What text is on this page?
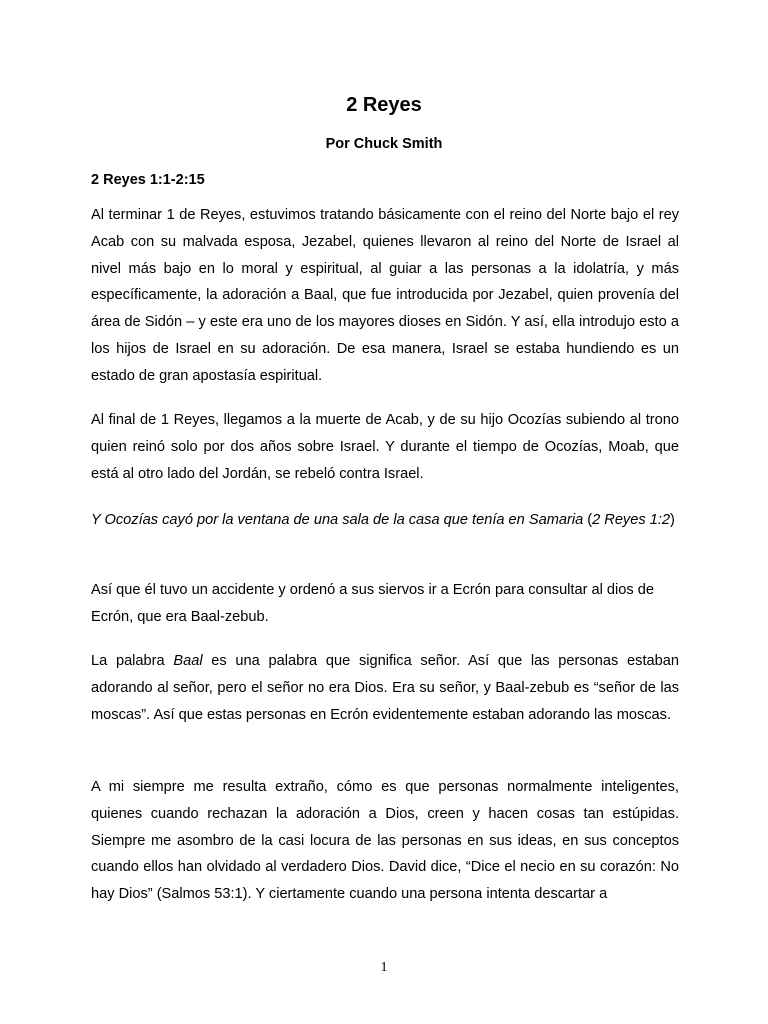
2 Reyes

Por Chuck Smith

2 Reyes 1:1-2:15

Al terminar 1 de Reyes, estuvimos tratando básicamente con el reino del Norte bajo el rey Acab con su malvada esposa, Jezabel, quienes llevaron al reino del Norte de Israel al nivel más bajo en lo moral y espiritual, al guiar a las personas a la idolatría, y más específicamente, la adoración a Baal, que fue introducida por Jezabel, quien provenía del área de Sidón – y este era uno de los mayores dioses en Sidón. Y así, ella introdujo esto a los hijos de Israel en su adoración. De esa manera, Israel se estaba hundiendo es un estado de gran apostasía espiritual.

Al final de 1 Reyes, llegamos a la muerte de Acab, y de su hijo Ocozías subiendo al trono quien reinó solo por dos años sobre Israel. Y durante el tiempo de Ocozías, Moab, que está al otro lado del Jordán, se rebeló contra Israel.

Y Ocozías cayó por la ventana de una sala de la casa que tenía en Samaria (2 Reyes 1:2)

Así que él tuvo un accidente y ordenó a sus siervos ir a Ecrón para consultar al dios de Ecrón, que era Baal-zebub.

La palabra Baal es una palabra que significa señor. Así que las personas estaban adorando al señor, pero el señor no era Dios. Era su señor, y Baal-zebub es “señor de las moscas”. Así que estas personas en Ecrón evidentemente estaban adorando las moscas.

A mi siempre me resulta extraño, cómo es que personas normalmente inteligentes, quienes cuando rechazan la adoración a Dios, creen y hacen cosas tan estúpidas. Siempre me asombro de la casi locura de las personas en sus ideas, en sus conceptos cuando ellos han olvidado al verdadero Dios. David dice, “Dice el necio en su corazón: No hay Dios” (Salmos 53:1). Y ciertamente cuando una persona intenta descartar a

1
